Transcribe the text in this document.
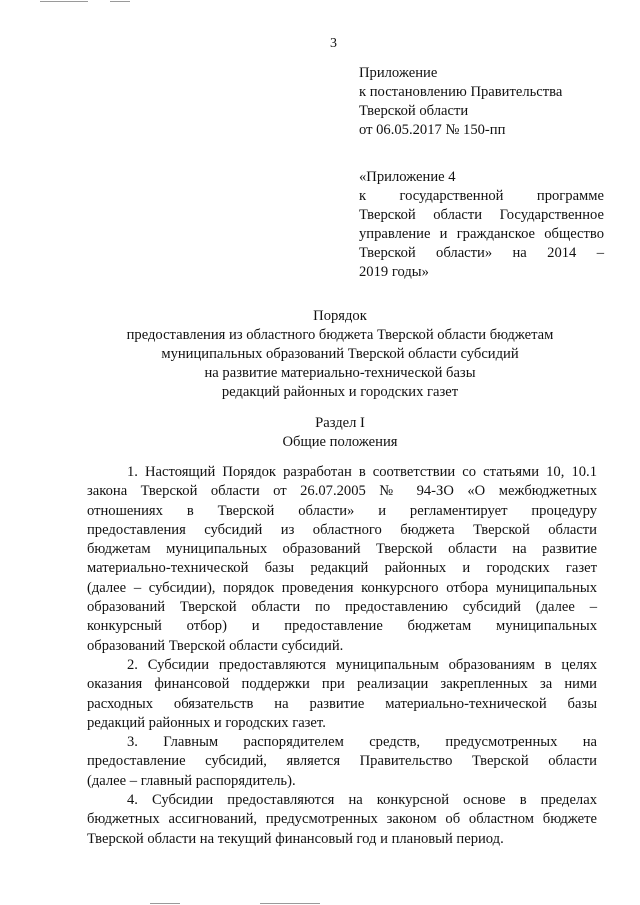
3
Приложение
к постановлению Правительства
Тверской области
от 06.05.2017 № 150-пп
«Приложение 4
к государственной программе
Тверской области Государственное
управление и гражданское общество
Тверской области» на 2014 –
2019 годы»
Порядок
предоставления из областного бюджета Тверской области бюджетам
муниципальных образований Тверской области субсидий
на развитие материально-технической базы
редакций районных и городских газет
Раздел I
Общие положения
1. Настоящий Порядок разработан в соответствии со статьями 10, 10.1
закона Тверской области от 26.07.2005 № 94-ЗО «О межбюджетных
отношениях в Тверской области» и регламентирует процедуру
предоставления субсидий из областного бюджета Тверской области
бюджетам муниципальных образований Тверской области на развитие
материально-технической базы редакций районных и городских газет
(далее – субсидии), порядок проведения конкурсного отбора муниципальных
образований Тверской области по предоставлению субсидий (далее –
конкурсный отбор) и предоставление бюджетам муниципальных
образований Тверской области субсидий.
2. Субсидии предоставляются муниципальным образованиям в целях
оказания финансовой поддержки при реализации закрепленных за ними
расходных обязательств на развитие материально-технической базы
редакций районных и городских газет.
3. Главным распорядителем средств, предусмотренных на
предоставление субсидий, является Правительство Тверской области
(далее – главный распорядитель).
4. Субсидии предоставляются на конкурсной основе в пределах
бюджетных ассигнований, предусмотренных законом об областном бюджете
Тверской области на текущий финансовый год и плановый период.
